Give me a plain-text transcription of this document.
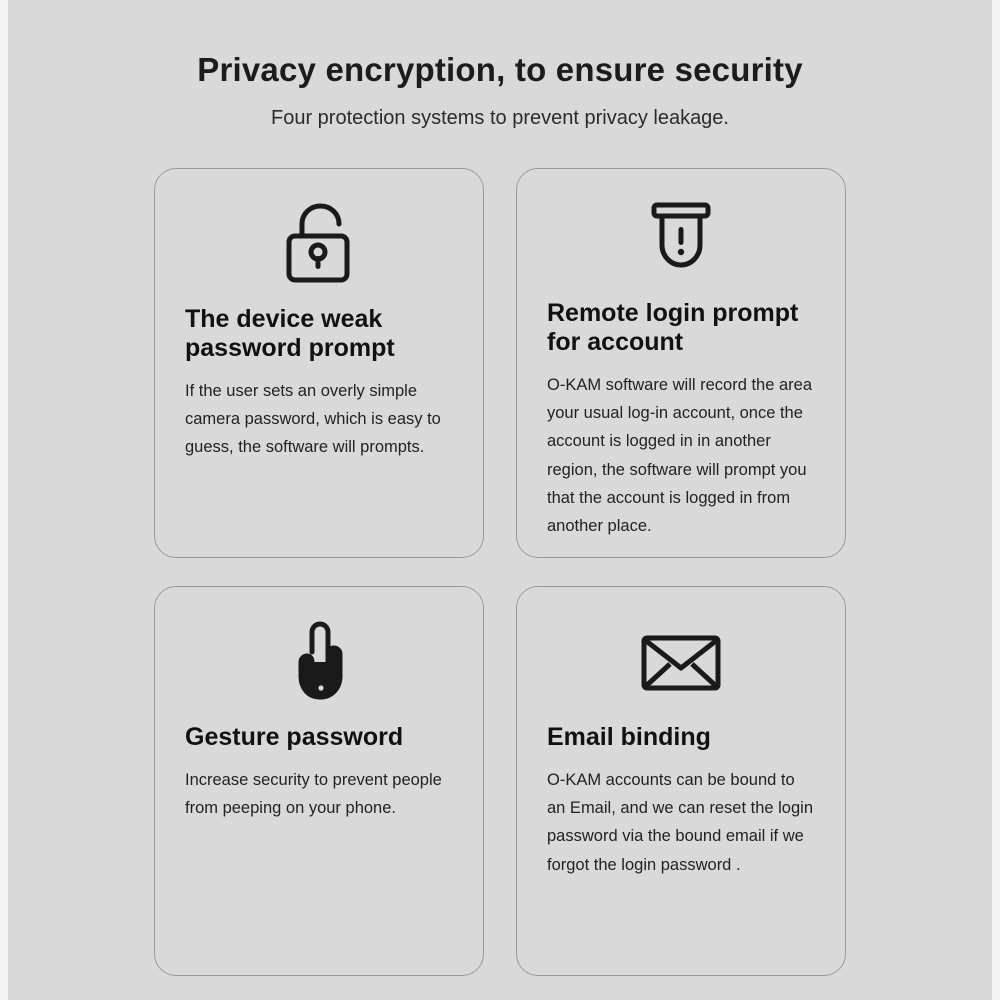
Privacy encryption, to ensure security
Four protection systems to prevent privacy leakage.
The device weak password prompt
If the user sets an overly simple camera password, which is easy to guess, the software will prompts.
Remote login prompt for account
O-KAM software will record the area your usual log-in account, once the account is logged in in another region, the software will prompt you that the account is logged in from another place.
Gesture password
Increase security to prevent people from peeping on your phone.
Email binding
O-KAM accounts can be bound to an Email, and we can reset the login password via the bound email if we forgot the login password .
